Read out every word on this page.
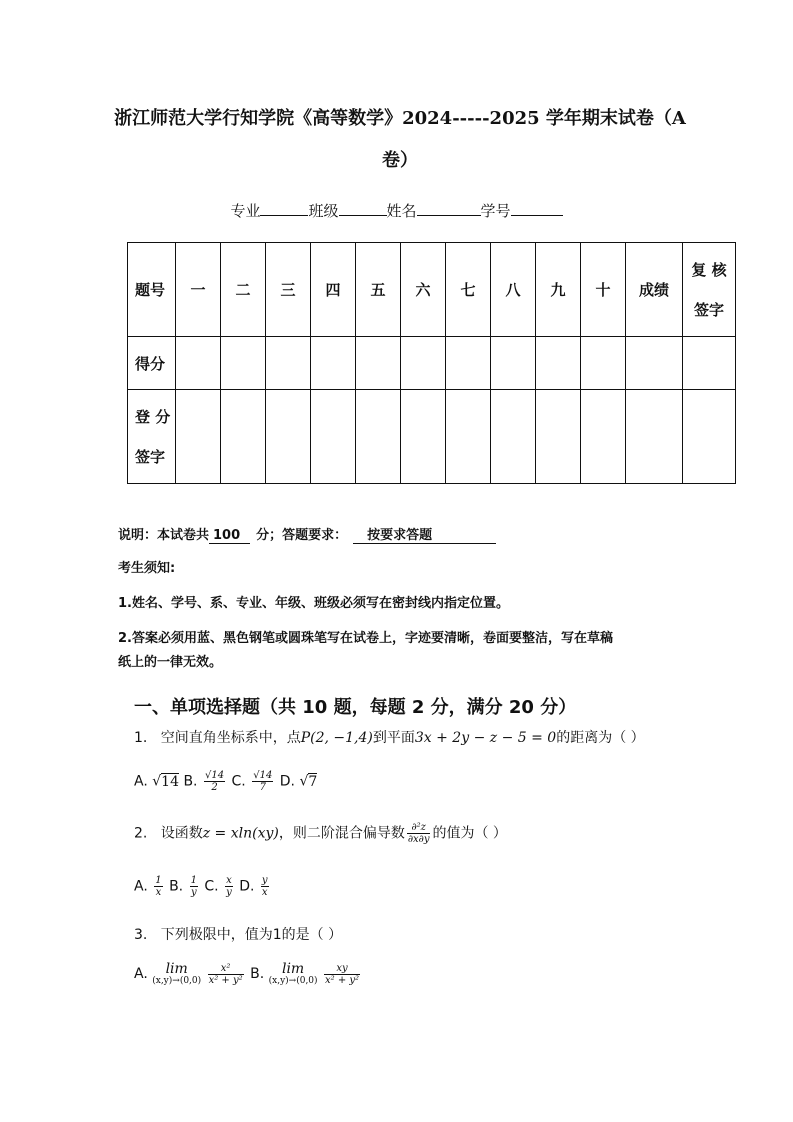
浙江师范大学行知学院《高等数学》2024-----2025 学年期末试卷（A
卷）
专业	班级	姓名	学号
题号	一	二	三	四	五	六	七	八	九	十	成绩	复 核
签字

得分												

登 分
签字												

说明：本试卷共 100 分；答题要求： 按要求答题
考生须知:
1.姓名、学号、系、专业、年级、班级必须写在密封线内指定位置。
2.答案必须用蓝、黑色钢笔或圆珠笔写在试卷上，字迹要清晰，卷面要整洁，写在草稿
纸上的一律无效。
一、单项选择题（共 10 题，每题 2 分，满分 20 分）
1. 空间直角坐标系中，点P(2, −1,4)到平面3x + 2y − z − 5 = 0的距离为（ ）
A. √14 B. $\frac{√14}{2} C$. $\frac{√14}{7} D$. √7
2. 设函数z = xln(xy)，则二阶混合偏导数 $\frac{\text{∂²z}}{\partial x\partial y}$ 的值为（ ）
A. $\frac{1}{x} B$. $\frac{1}{y} C$. $\frac{x}{y} D$. $\frac{y}{x}$
3. 下列极限中，值为1的是（ ）
A.	lim
(x,y)→(0,0)
$\frac{\text{x²}}{\text{x² + y²}} B$.	lim
(x,y)→(0,0)
$\frac{xy}{\text{x² + y²}}$
